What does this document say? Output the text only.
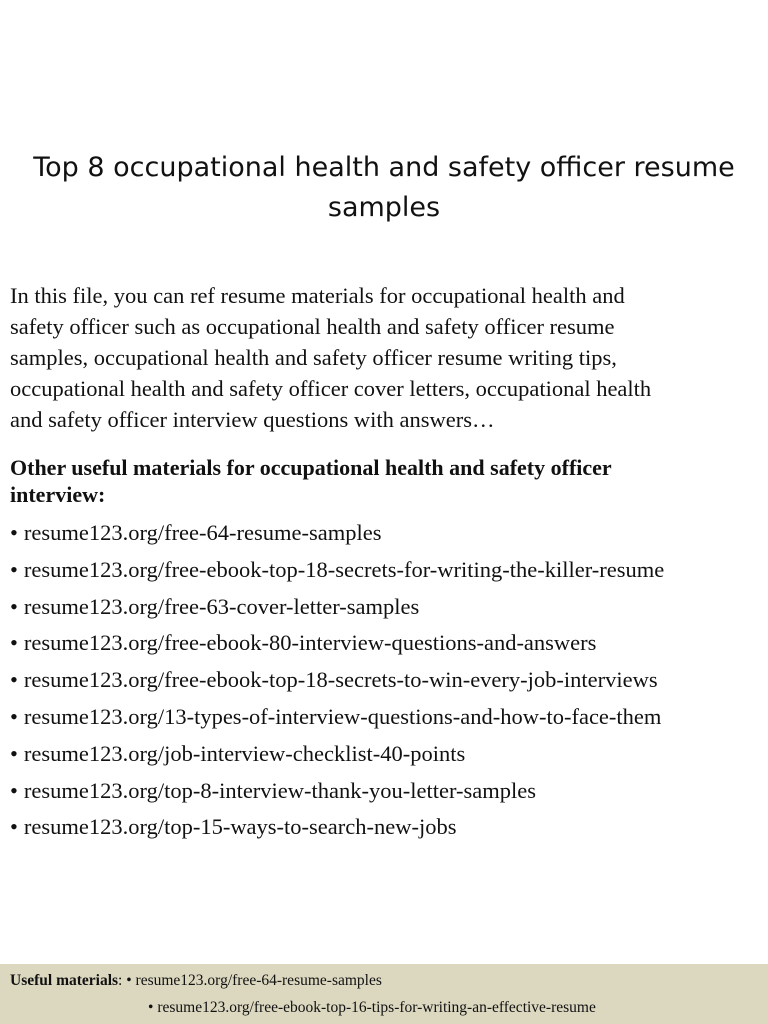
Top 8 occupational health and safety officer resume
samples
In this file, you can ref resume materials for occupational health and
safety officer such as occupational health and safety officer resume
samples, occupational health and safety officer resume writing tips,
occupational health and safety officer cover letters, occupational health
and safety officer interview questions with answers…
Other useful materials for occupational health and safety officer
interview:
• resume123.org/free-64-resume-samples
• resume123.org/free-ebook-top-18-secrets-for-writing-the-killer-resume
• resume123.org/free-63-cover-letter-samples
• resume123.org/free-ebook-80-interview-questions-and-answers
• resume123.org/free-ebook-top-18-secrets-to-win-every-job-interviews
• resume123.org/13-types-of-interview-questions-and-how-to-face-them
• resume123.org/job-interview-checklist-40-points
• resume123.org/top-8-interview-thank-you-letter-samples
• resume123.org/top-15-ways-to-search-new-jobs
Useful materials: • resume123.org/free-64-resume-samples
• resume123.org/free-ebook-top-16-tips-for-writing-an-effective-resume
